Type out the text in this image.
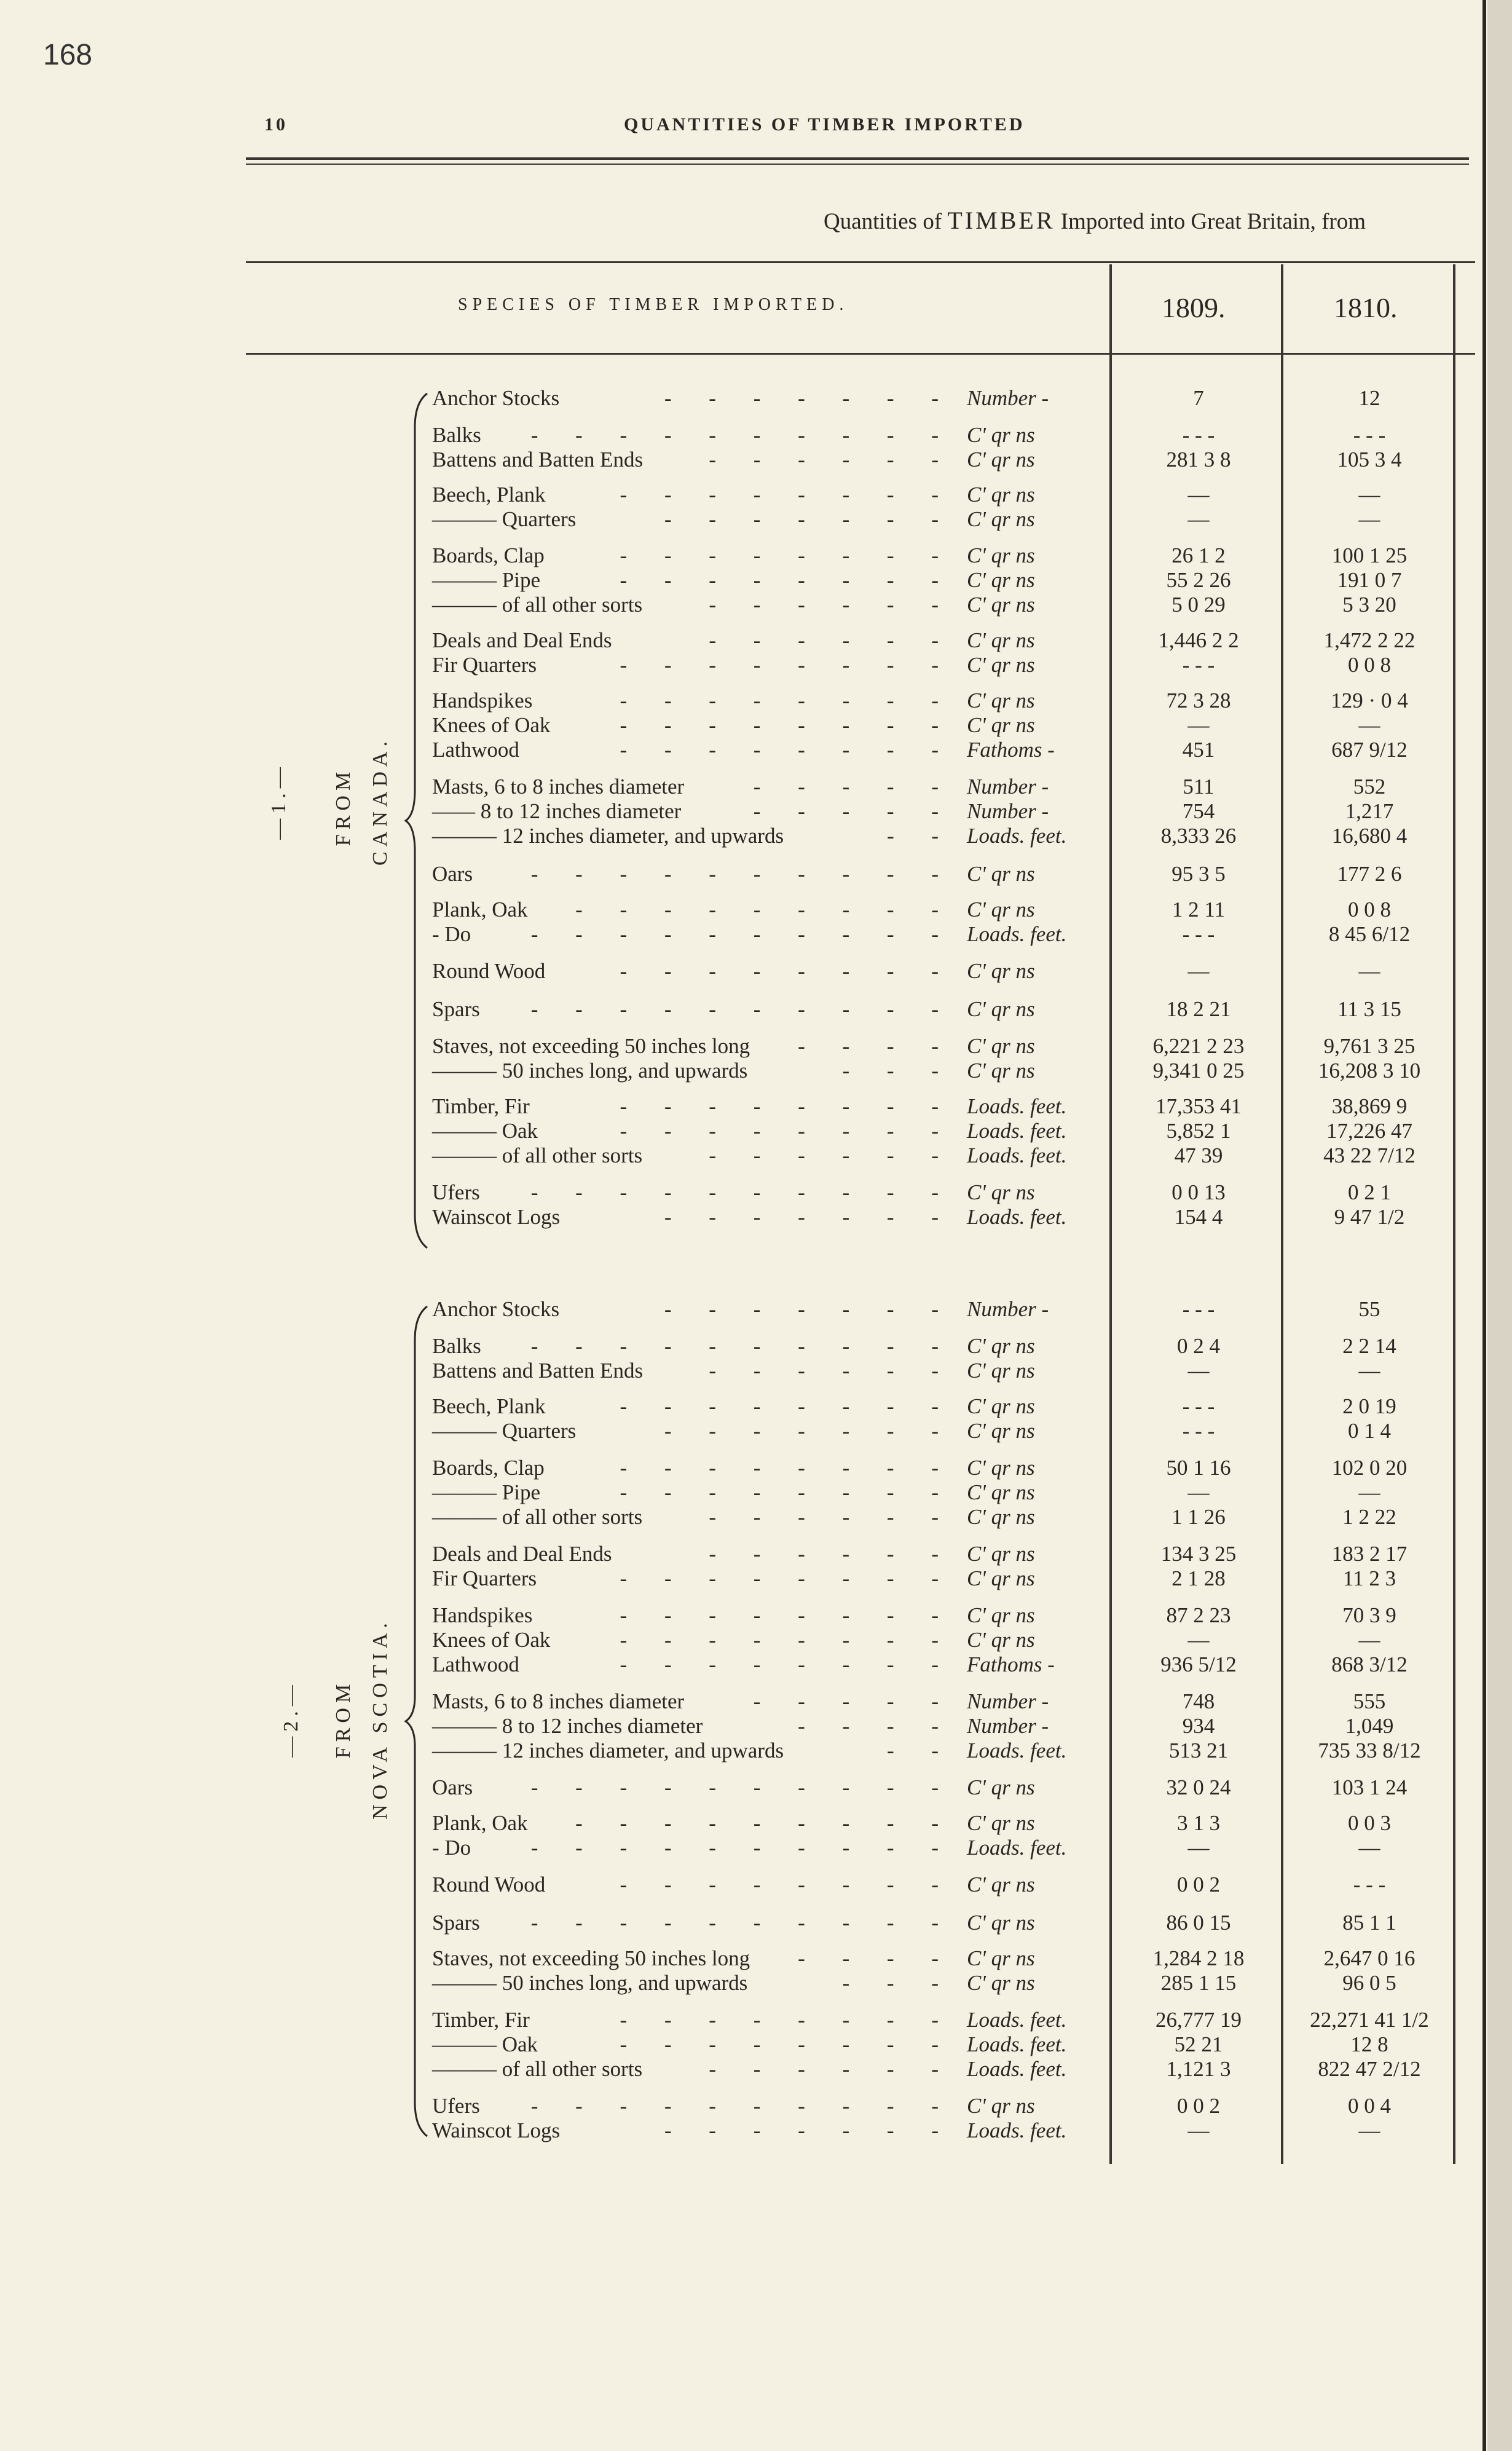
168
10	QUANTITIES OF TIMBER IMPORTED
Quantities of TIMBER Imported into Great Britain, from
SPECIES OF TIMBER IMPORTED.	1809.	1810.
—1.— FROM CANADA.
—2.— FROM NOVA SCOTIA.
Anchor Stocks	- - - - - - - Number -	7	12
Balks	- - - - - - - - - - C' qr ns	- - -	- - -
Battens and Batten Ends	- - - - - - C' qr ns	281 3 8	105 3 4
Beech, Plank	- - - - - - - - C' qr ns	—	—
——— Quarters	- - - - - - - C' qr ns	—	—
Boards, Clap	- - - - - - - - C' qr ns	26 1 2	100 1 25
——— Pipe	- - - - - - - - C' qr ns	55 2 26	191 0 7
——— of all other sorts	- - - - - - C' qr ns	5 0 29	5 3 20
Deals and Deal Ends	- - - - - - C' qr ns	1,446 2 2	1,472 2 22
Fir Quarters	- - - - - - - - C' qr ns	- - -	0 0 8
Handspikes	- - - - - - - - C' qr ns	72 3 28	129 · 0 4
Knees of Oak	- - - - - - - - C' qr ns	—	—
Lathwood	- - - - - - - - Fathoms -	451	687 9/12
Masts, 6 to 8 inches diameter	- - - - - Number -	511	552
—— 8 to 12 inches diameter	- - - - - Number -	754	1,217
——— 12 inches diameter, and upwards	- - Loads. feet.	8,333 26	16,680 4
Oars	- - - - - - - - - - C' qr ns	95 3 5	177 2 6
Plank, Oak	- - - - - - - - - C' qr ns	1 2 11	0 0 8
- Do	- - - - - - - - - - Loads. feet.	- - -	8 45 6/12
Round Wood	- - - - - - - - C' qr ns	—	—
Spars	- - - - - - - - - - C' qr ns	18 2 21	11 3 15
Staves, not exceeding 50 inches long	- - - - C' qr ns	6,221 2 23	9,761 3 25
——— 50 inches long, and upwards	- - - C' qr ns	9,341 0 25	16,208 3 10
Timber, Fir	- - - - - - - - Loads. feet.	17,353 41	38,869 9
——— Oak	- - - - - - - - Loads. feet.	5,852 1	17,226 47
——— of all other sorts	- - - - - - Loads. feet.	47 39	43 22 7/12
Ufers	- - - - - - - - - - C' qr ns	0 0 13	0 2 1
Wainscot Logs	- - - - - - - Loads. feet.	154 4	9 47 1/2
Anchor Stocks	- - - - - - - Number -	- - -	55
Balks	- - - - - - - - - - C' qr ns	0 2 4	2 2 14
Battens and Batten Ends	- - - - - - C' qr ns	—	—
Beech, Plank	- - - - - - - - C' qr ns	- - -	2 0 19
——— Quarters	- - - - - - - C' qr ns	- - -	0 1 4
Boards, Clap	- - - - - - - - C' qr ns	50 1 16	102 0 20
——— Pipe	- - - - - - - - C' qr ns	—	—
——— of all other sorts	- - - - - - C' qr ns	1 1 26	1 2 22
Deals and Deal Ends	- - - - - - C' qr ns	134 3 25	183 2 17
Fir Quarters	- - - - - - - - C' qr ns	2 1 28	11 2 3
Handspikes	- - - - - - - - C' qr ns	87 2 23	70 3 9
Knees of Oak	- - - - - - - - C' qr ns	—	—
Lathwood	- - - - - - - - Fathoms -	936 5/12	868 3/12
Masts, 6 to 8 inches diameter	- - - - - Number -	748	555
——— 8 to 12 inches diameter	- - - - Number -	934	1,049
——— 12 inches diameter, and upwards	- - Loads. feet.	513 21	735 33 8/12
Oars	- - - - - - - - - - C' qr ns	32 0 24	103 1 24
Plank, Oak	- - - - - - - - - C' qr ns	3 1 3	0 0 3
- Do	- - - - - - - - - - Loads. feet.	—	—
Round Wood	- - - - - - - - C' qr ns	0 0 2	- - -
Spars	- - - - - - - - - - C' qr ns	86 0 15	85 1 1
Staves, not exceeding 50 inches long	- - - - C' qr ns	1,284 2 18	2,647 0 16
——— 50 inches long, and upwards	- - - C' qr ns	285 1 15	96 0 5
Timber, Fir	- - - - - - - - Loads. feet.	26,777 19	22,271 41 1/2
——— Oak	- - - - - - - - Loads. feet.	52 21	12 8
——— of all other sorts	- - - - - - Loads. feet.	1,121 3	822 47 2/12
Ufers	- - - - - - - - - - C' qr ns	0 0 2	0 0 4
Wainscot Logs	- - - - - - - Loads. feet.	—	—
